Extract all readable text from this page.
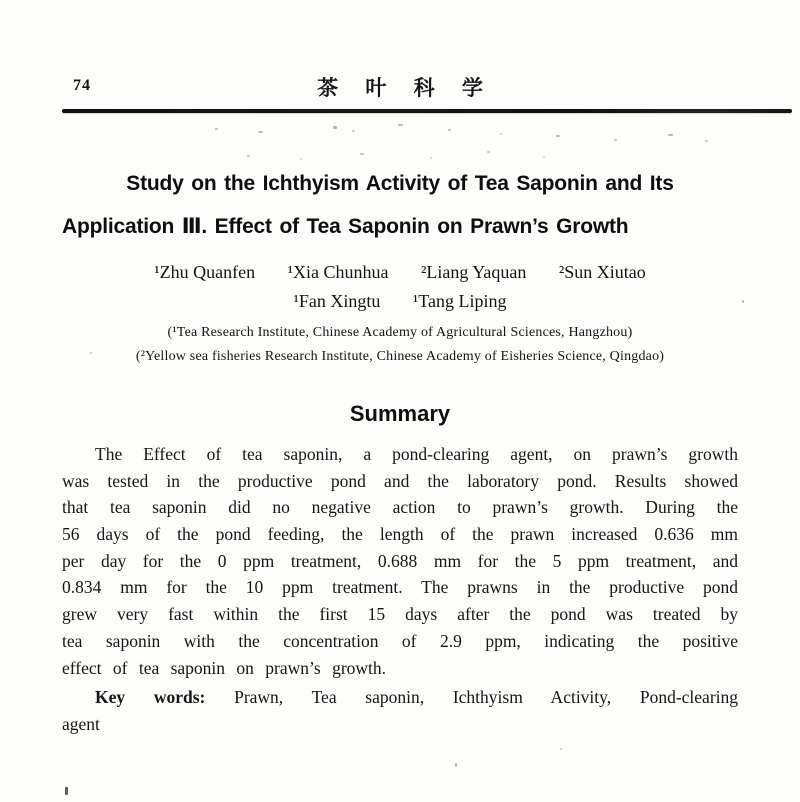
74	茶 叶 科 学
Study on the Ichthyism Activity of Tea Saponin and Its
Application Ⅲ. Effect of Tea Saponin on Prawn’s Growth
¹Zhu Quanfen ¹Xia Chunhua ²Liang Yaquan ²Sun Xiutao
¹Fan Xingtu ¹Tang Liping
(¹Tea Research Institute, Chinese Academy of Agricultural Sciences, Hangzhou)
(²Yellow sea fisheries Research Institute, Chinese Academy of Eisheries Science, Qingdao)
Summary
The Effect of tea saponin, a pond-clearing agent, on prawn’s growth
was tested in the productive pond and the laboratory pond. Results showed
that tea saponin did no negative action to prawn’s growth. During the
56 days of the pond feeding, the length of the prawn increased 0.636 mm
per day for the 0 ppm treatment, 0.688 mm for the 5 ppm treatment, and
0.834 mm for the 10 ppm treatment. The prawns in the productive pond
grew very fast within the first 15 days after the pond was treated by
tea saponin with the concentration of 2.9 ppm, indicating the positive
effect of tea saponin on prawn’s growth.
Key words: Prawn, Tea saponin, Ichthyism Activity, Pond-clearing
agent
